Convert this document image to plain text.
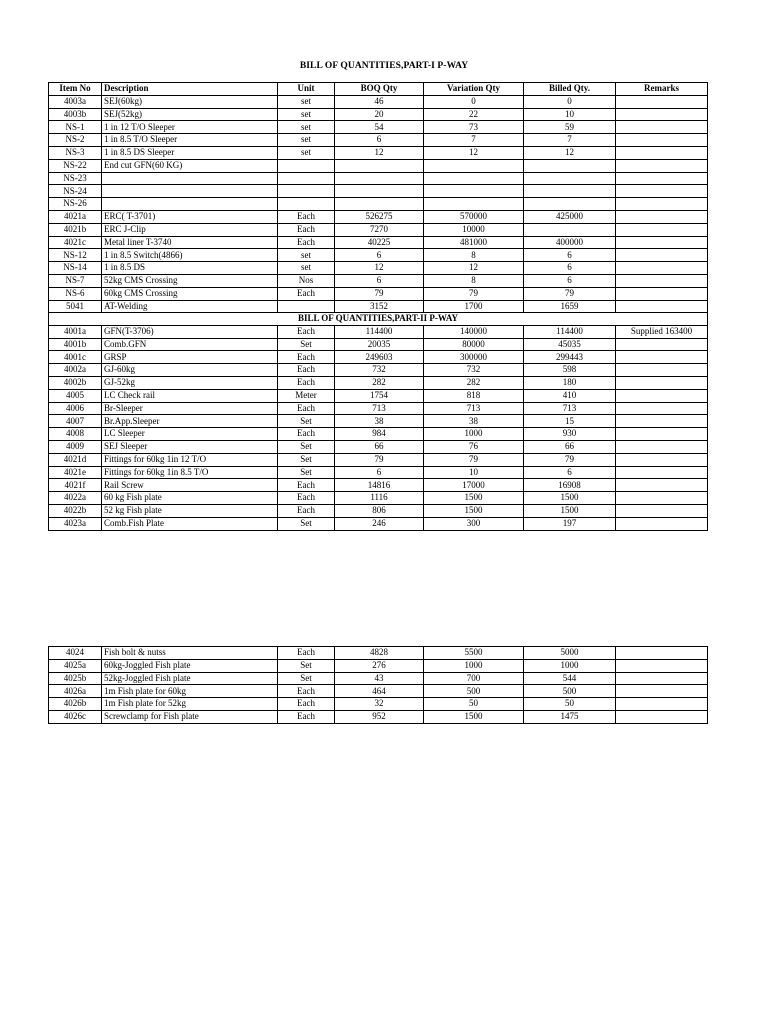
BILL OF QUANTITIES,PART-I P-WAY
Item No	Description	Unit	BOQ Qty	Variation Qty	Billed Qty.	Remarks
4003a	SEJ(60kg)	set	46	0	0	
4003b	SEJ(52kg)	set	20	22	10	
NS-1	1 in 12 T/O Sleeper	set	54	73	59	
NS-2	1 in 8.5 T/O Sleeper	set	6	7	7	
NS-3	1 in 8.5 DS Sleeper	set	12	12	12	
NS-22	End cut GFN(60 KG)					
NS-23						
NS-24						
NS-26						
4021a	ERC( T-3701)	Each	526275	570000	425000	
4021b	ERC J-Clip	Each	7270	10000		
4021c	Metal liner T-3740	Each	40225	481000	400000	
NS-12	1 in 8.5 Switch(4866)	set	6	8	6	
NS-14	1 in 8.5 DS	set	12	12	6	
NS-7	52kg CMS Crossing	Nos	6	8	6	
NS-6	60kg CMS Crossing	Each	79	79	79	
5041	AT-Welding		3152	1700	1659	
BILL OF QUANTITIES,PART-II P-WAY						
4001a	GFN(T-3706)	Each	114400	140000	114400	Supplied 163400
4001b	Comb.GFN	Set	20035	80000	45035	
4001c	GRSP	Each	249603	300000	299443	
4002a	GJ-60kg	Each	732	732	598	
4002b	GJ-52kg	Each	282	282	180	
4005	LC Check rail	Meter	1754	818	410	
4006	Br-Sleeper	Each	713	713	713	
4007	Br.App.Sleeper	Set	38	38	15	
4008	LC Sleeper	Each	984	1000	930	
4009	SEJ Sleeper	Set	66	76	66	
4021d	Fittings for 60kg 1in 12 T/O	Set	79	79	79	
4021e	Fittings for 60kg 1in 8.5 T/O	Set	6	10	6	
4021f	Rail Screw	Each	14816	17000	16908	
4022a	60 kg Fish plate	Each	1116	1500	1500	
4022b	52 kg Fish plate	Each	806	1500	1500	
4023a	Comb.Fish Plate	Set	246	300	197	
4024	Fish bolt & nutss	Each	4828	5500	5000	
4025a	60kg-Joggled Fish plate	Set	276	1000	1000	
4025b	52kg-Joggled Fish plate	Set	43	700	544	
4026a	1m Fish plate for 60kg	Each	464	500	500	
4026b	1m Fish plate for 52kg	Each	32	50	50	
4026c	Screwclamp for Fish plate	Each	952	1500	1475	
